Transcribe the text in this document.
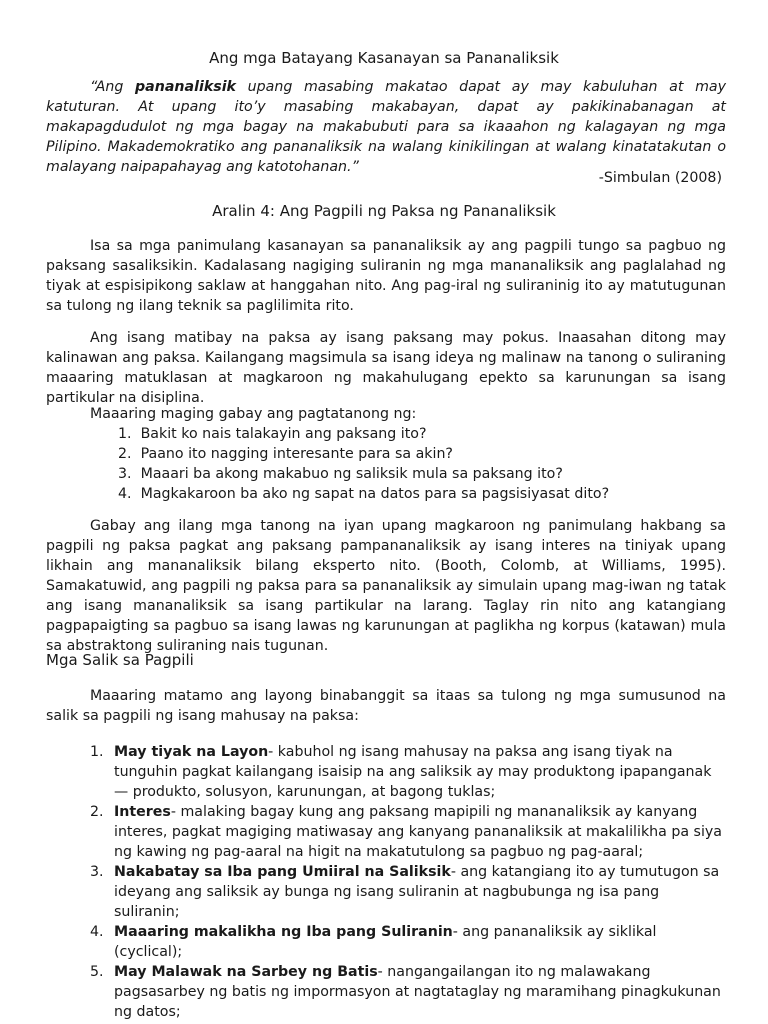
Ang mga Batayang Kasanayan sa Pananaliksik

“Ang pananaliksik upang masabing makatao dapat ay may kabuluhan at may katuturan. At upang ito’y masabing makabayan, dapat ay pakikinabanagan at makapagdudulot ng mga bagay na makabubuti para sa ikaaahon ng kalagayan ng mga Pilipino. Makademokratiko ang pananaliksik na walang kinikilingan at walang kinatatakutan o malayang naipapahayag ang katotohanan.”

-Simbulan (2008)

Aralin 4: Ang Pagpili ng Paksa ng Pananaliksik

Isa sa mga panimulang kasanayan sa pananaliksik ay ang pagpili tungo sa pagbuo ng paksang sasaliksikin. Kadalasang nagiging suliranin ng mga mananaliksik ang paglalahad ng tiyak at espisipikong saklaw at hanggahan nito. Ang pag-iral ng suliraninig ito ay matutugunan sa tulong ng ilang teknik sa paglilimita rito.

Ang isang matibay na paksa ay isang paksang may pokus. Inaasahan ditong may kalinawan ang paksa. Kailangang magsimula sa isang ideya ng malinaw na tanong o suliraning maaaring matuklasan at magkaroon ng makahulugang epekto sa karunungan sa isang partikular na disiplina.

Maaaring maging gabay ang pagtatanong ng:

1. Bakit ko nais talakayin ang paksang ito?
2. Paano ito nagging interesante para sa akin?
3. Maaari ba akong makabuo ng saliksik mula sa paksang ito?
4. Magkakaroon ba ako ng sapat na datos para sa pagsisiyasat dito?

Gabay ang ilang mga tanong na iyan upang magkaroon ng panimulang hakbang sa pagpili ng paksa pagkat ang paksang pampananaliksik ay isang interes na tiniyak upang likhain ang mananaliksik bilang eksperto nito. (Booth, Colomb, at Williams, 1995). Samakatuwid, ang pagpili ng paksa para sa pananaliksik ay simulain upang mag-iwan ng tatak ang isang mananaliksik sa isang partikular na larang. Taglay rin nito ang katangiang pagpapaigting sa pagbuo sa isang lawas ng karunungan at paglikha ng korpus (katawan) mula sa abstraktong suliraning nais tugunan.

Mga Salik sa Pagpili

Maaaring matamo ang layong binabanggit sa itaas sa tulong ng mga sumusunod na salik sa pagpili ng isang mahusay na paksa:

1. May tiyak na Layon- kabuhol ng isang mahusay na paksa ang isang tiyak na tunguhin pagkat kailangang isaisip na ang saliksik ay may produktong ipapanganak— produkto, solusyon, karunungan, at bagong tuklas;
2. Interes- malaking bagay kung ang paksang mapipili ng mananaliksik ay kanyang interes, pagkat magiging matiwasay ang kanyang pananaliksik at makalilikha pa siya ng kawing ng pag-aaral na higit na makatutulong sa pagbuo ng pag-aaral;
3. Nakabatay sa Iba pang Umiiral na Saliksik- ang katangiang ito ay tumutugon sa ideyang ang saliksik ay bunga ng isang suliranin at nagbubunga ng isa pang suliranin;
4. Maaaring makalikha ng Iba pang Suliranin- ang pananaliksik ay siklikal (cyclical);
5. May Malawak na Sarbey ng Batis- nangangailangan ito ng malawakang pagsasarbey ng batis ng impormasyon at nagtataglay ng maramihang pinagkukunan ng datos;
